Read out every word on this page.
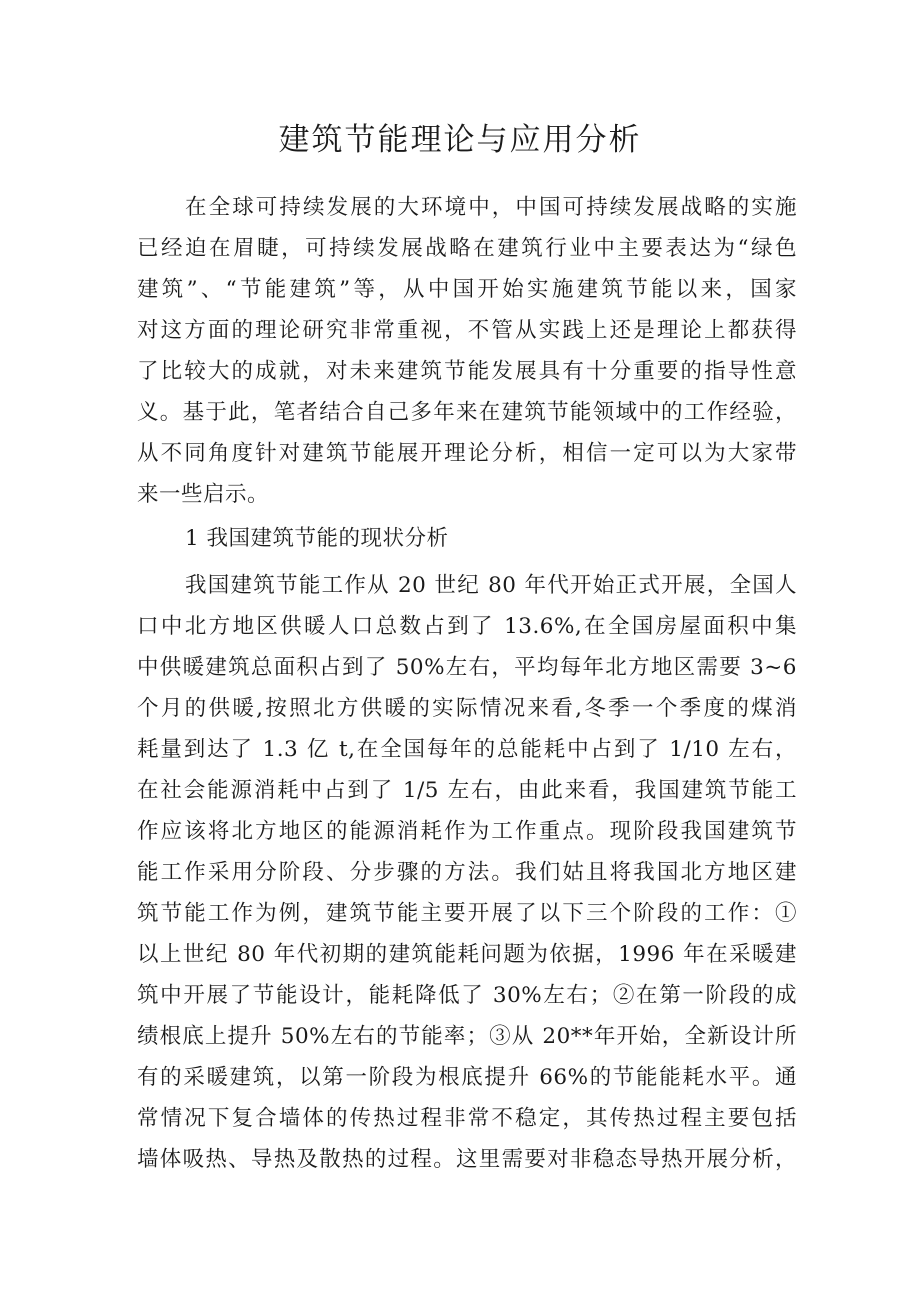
建筑节能理论与应用分析
在全球可持续发展的大环境中，中国可持续发展战略的实施
已经迫在眉睫，可持续发展战略在建筑行业中主要表达为“绿色
建筑”、“节能建筑”等，从中国开始实施建筑节能以来，国家
对这方面的理论研究非常重视，不管从实践上还是理论上都获得
了比较大的成就，对未来建筑节能发展具有十分重要的指导性意
义。基于此，笔者结合自己多年来在建筑节能领域中的工作经验，
从不同角度针对建筑节能展开理论分析，相信一定可以为大家带
来一些启示。
1 我国建筑节能的现状分析
我国建筑节能工作从 20 世纪 80 年代开始正式开展，全国人
口中北方地区供暖人口总数占到了 13.6%,在全国房屋面积中集
中供暖建筑总面积占到了 50%左右，平均每年北方地区需要 3~6
个月的供暖,按照北方供暖的实际情况来看,冬季一个季度的煤消
耗量到达了 1.3 亿 t,在全国每年的总能耗中占到了 1/10 左右，
在社会能源消耗中占到了 1/5 左右，由此来看，我国建筑节能工
作应该将北方地区的能源消耗作为工作重点。现阶段我国建筑节
能工作采用分阶段、分步骤的方法。我们姑且将我国北方地区建
筑节能工作为例，建筑节能主要开展了以下三个阶段的工作：①
以上世纪 80 年代初期的建筑能耗问题为依据，1996 年在采暖建
筑中开展了节能设计，能耗降低了 30%左右；②在第一阶段的成
绩根底上提升 50%左右的节能率；③从 20**年开始，全新设计所
有的采暖建筑，以第一阶段为根底提升 66%的节能能耗水平。通
常情况下复合墙体的传热过程非常不稳定，其传热过程主要包括
墙体吸热、导热及散热的过程。这里需要对非稳态导热开展分析，
